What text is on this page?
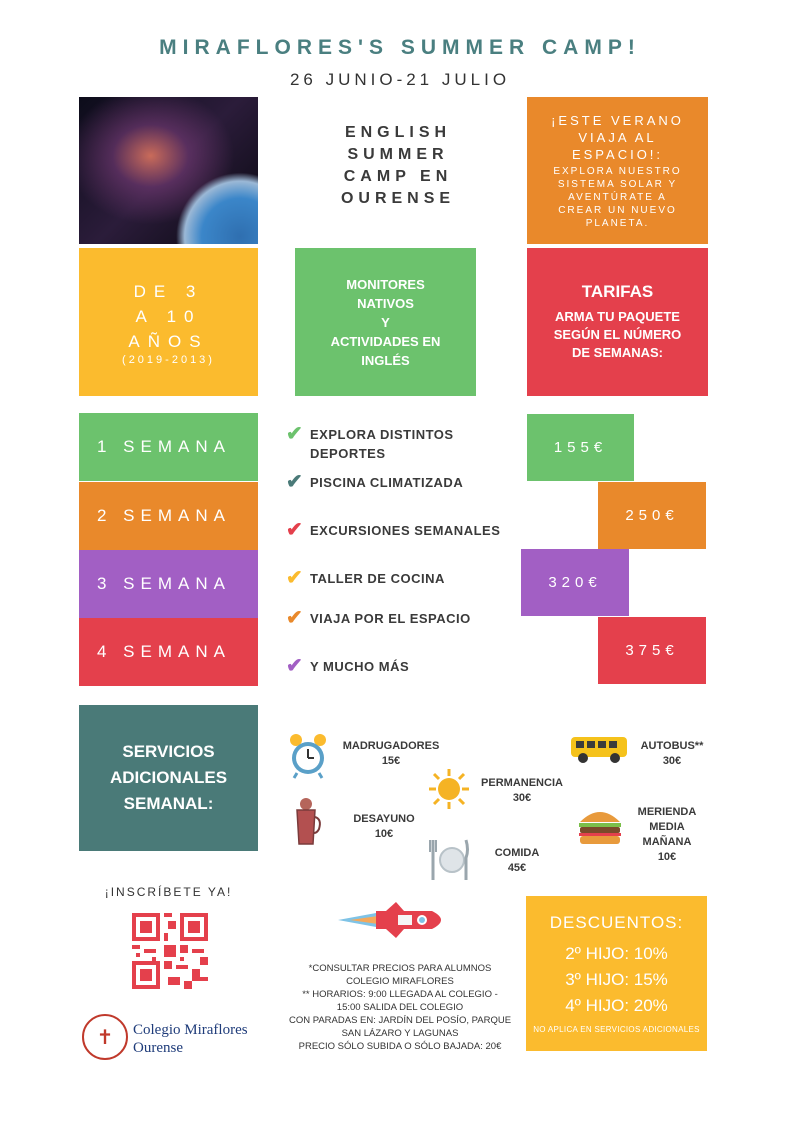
MIRAFLORES'S SUMMER CAMP!
26 JUNIO-21 JULIO
ENGLISH
SUMMER
CAMP EN
OURENSE
¡ESTE VERANO
VIAJA AL
ESPACIO!:
EXPLORA NUESTRO
SISTEMA SOLAR Y
AVENTÚRATE A
CREAR UN NUEVO
PLANETA.
DE 3
A 10
AÑOS
(2019-2013)
MONITORES
NATIVOS
Y
ACTIVIDADES EN
INGLÉS
TARIFAS
ARMA TU PAQUETE
SEGÚN EL NÚMERO
DE SEMANAS:
1 SEMANA
2 SEMANA
3 SEMANA
4 SEMANA
155€
250€
320€
375€
✔ EXPLORA DISTINTOS DEPORTES
✔ PISCINA CLIMATIZADA
✔ EXCURSIONES SEMANALES
✔ TALLER DE COCINA
✔ VIAJA POR EL ESPACIO
✔ Y MUCHO MÁS
SERVICIOS
ADICIONALES
SEMANAL:
MADRUGADORES
15€
PERMANENCIA
30€
AUTOBUS**
30€
DESAYUNO
10€
COMIDA
45€
MERIENDA
MEDIA
MAÑANA
10€
¡INSCRÍBETE YA!
✝	Colegio Miraflores
Ourense
*CONSULTAR PRECIOS PARA ALUMNOS
COLEGIO MIRAFLORES
** HORARIOS: 9:00 LLEGADA AL COLEGIO -
15:00 SALIDA DEL COLEGIO
CON PARADAS EN: JARDÍN DEL POSÍO, PARQUE
SAN LÁZARO Y LAGUNAS
PRECIO SÓLO SUBIDA O SÓLO BAJADA: 20€
DESCUENTOS:
2º HIJO: 10%
3º HIJO: 15%
4º HIJO: 20%
NO APLICA EN SERVICIOS ADICIONALES
